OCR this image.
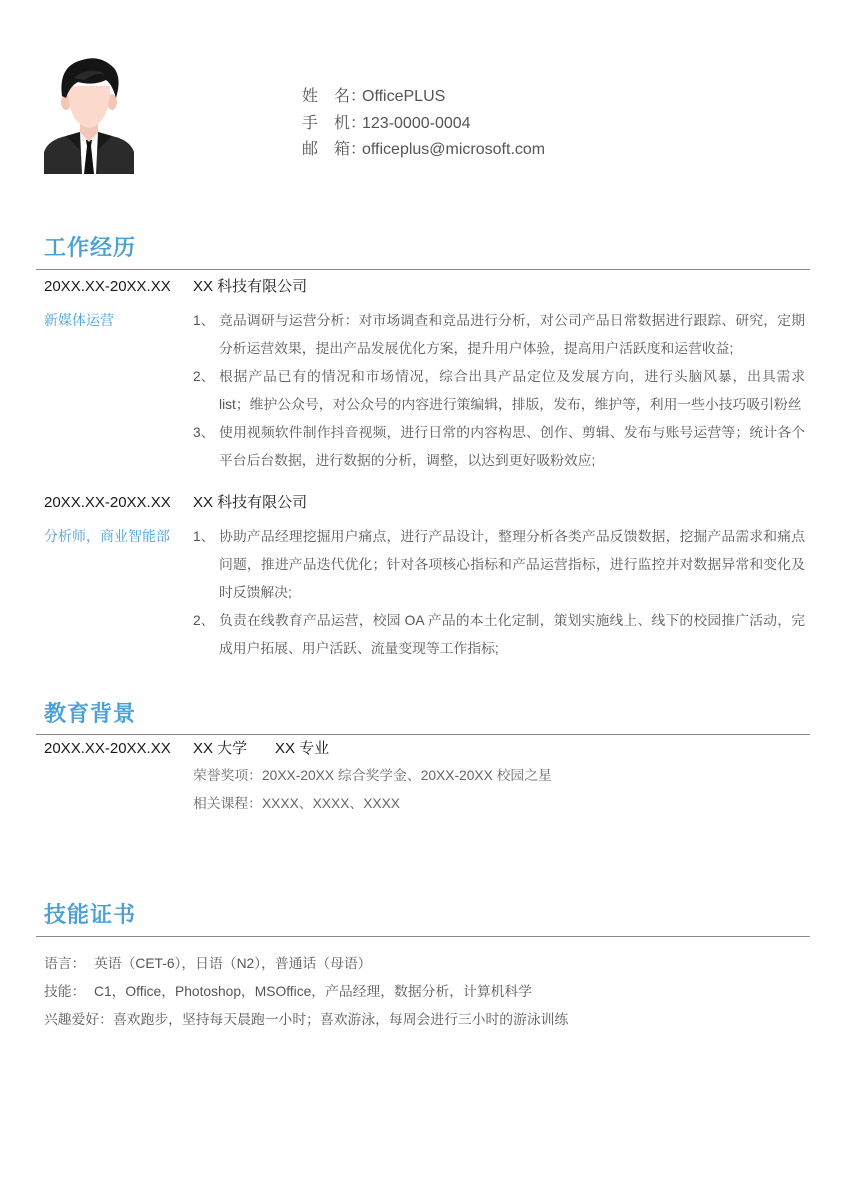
姓　名：OfficePLUS
手　机：123-0000-0004
邮　箱：officeplus@microsoft.com
工作经历
20XX.XX-20XX.XX XX 科技有限公司
新媒体运营	1、 竞品调研与运营分析：对市场调查和竞品进行分析，对公司产品日常数据进行跟踪、研究，定期分析运营效果，提出产品发展优化方案，提升用户体验，提高用户活跃度和运营收益;
2、 根据产品已有的情况和市场情况，综合出具产品定位及发展方向，进行头脑风暴，出具需求 list；维护公众号，对公众号的内容进行策编辑，排版，发布，维护等，利用一些小技巧吸引粉丝
3、 使用视频软件制作抖音视频，进行日常的内容构思、创作、剪辑、发布与账号运营等；统计各个平台后台数据，进行数据的分析，调整，以达到更好吸粉效应;
20XX.XX-20XX.XX XX 科技有限公司
分析师，商业智能部 1、 协助产品经理挖掘用户痛点，进行产品设计，整理分析各类产品反馈数据，挖掘产品需求和痛点问题，推进产品迭代优化；针对各项核心指标和产品运营指标，进行监控并对数据异常和变化及时反馈解决;
2、 负责在线教育产品运营，校园 OA 产品的本土化定制，策划实施线上、线下的校园推广活动，完成用户拓展、用户活跃、流量变现等工作指标;
教育背景
20XX.XX-20XX.XX XX 大学 XX 专业
荣誉奖项：20XX-20XX 综合奖学金、20XX-20XX 校园之星
相关课程：XXXX、XXXX、XXXX
技能证书
语言： 英语（CET-6），日语（N2），普通话（母语）
技能： C1，Office，Photoshop，MSOffice，产品经理，数据分析，计算机科学
兴趣爱好：喜欢跑步，坚持每天晨跑一小时；喜欢游泳，每周会进行三小时的游泳训练
